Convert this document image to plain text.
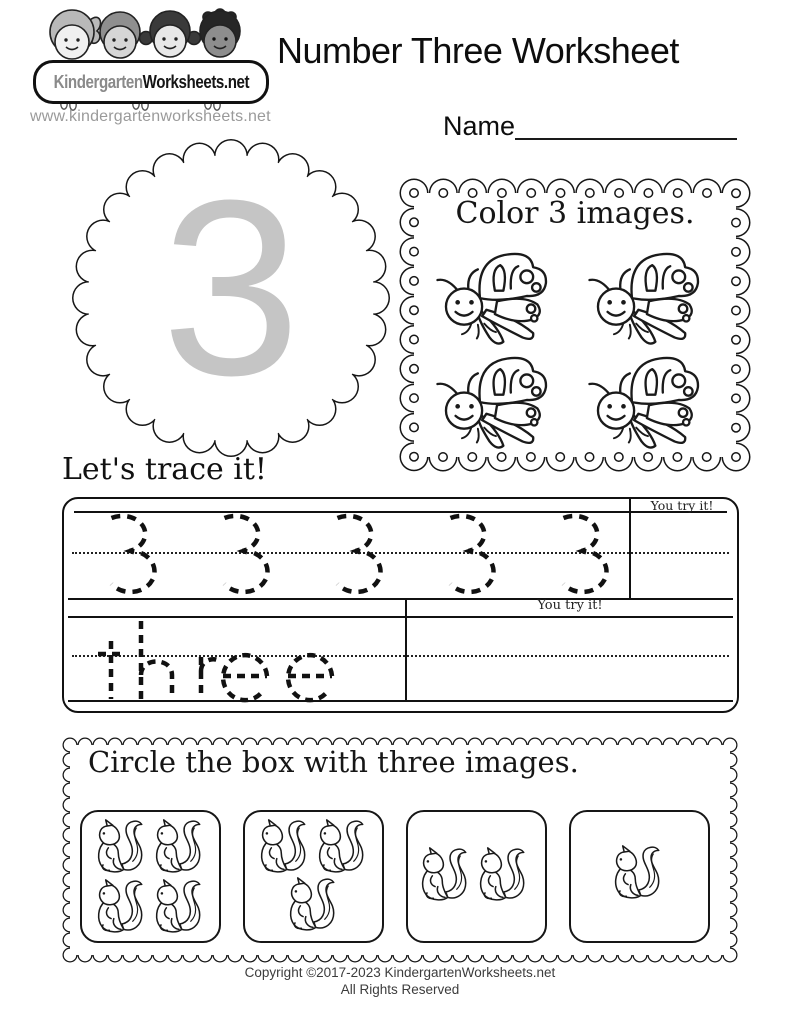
KindergartenWorksheets.net
www.kindergartenworksheets.net
Number Three Worksheet
Name
3	Color 3 images.
Let's trace it!
You try it!
You try it!
Circle the box with three images.
Copyright ©2017-2023 KindergartenWorksheets.net
All Rights Reserved
